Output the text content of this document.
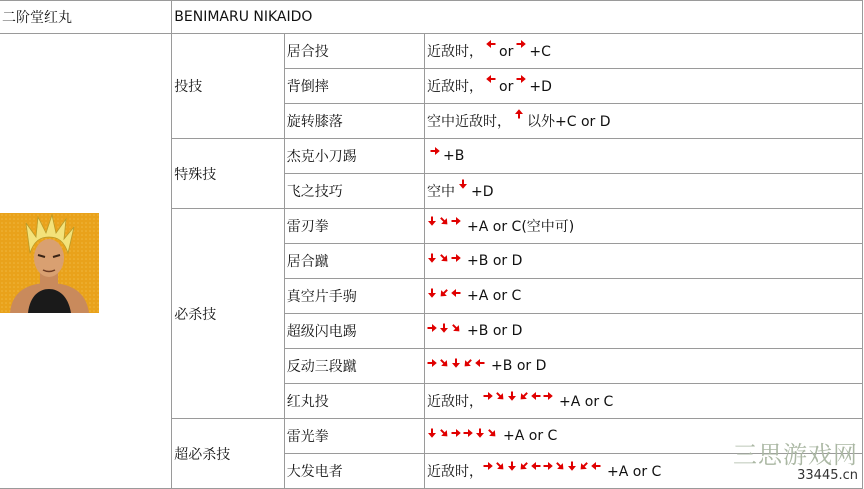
二阶堂红丸	BENIMARU NIKAIDO		

	投技	居合投	近敌时， or +C
		背倒摔	近敌时， or +D
		旋转膝落	空中近敌时， 以外+C or D
	特殊技	杰克小刀踢	+B
		飞之技巧	空中 +D
	必杀技	雷刃拳	+A or C(空中可)
		居合蹴	+B or D
		真空片手驹	+A or C
		超级闪电踢	+B or D
		反动三段蹴	+B or D
		红丸投	近敌时， +A or C
	超必杀技	雷光拳	+A or C
		大发电者	近敌时， +A or C
三思游戏网
33445.cn
